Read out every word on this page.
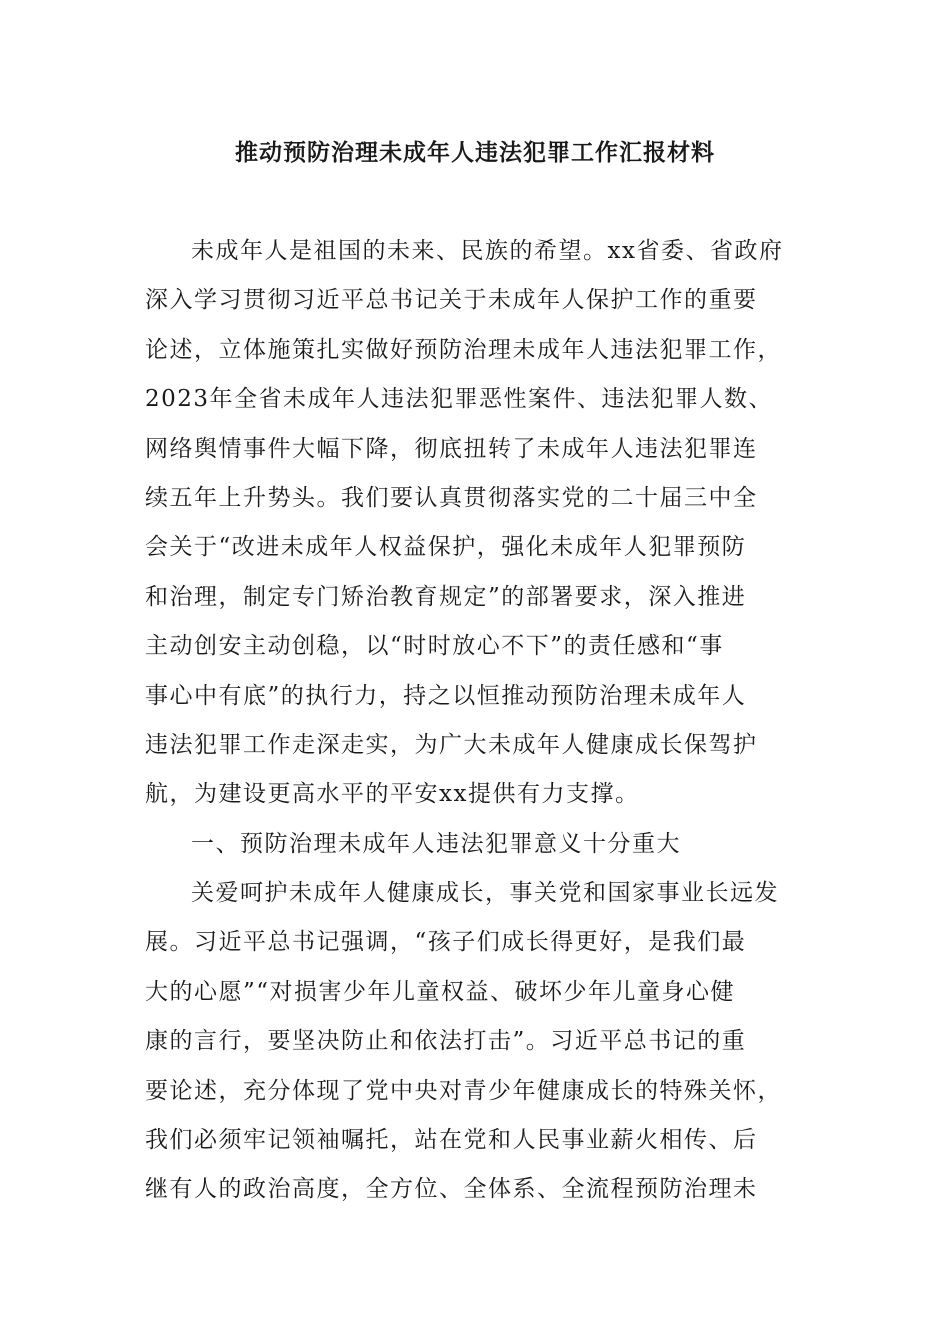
推动预防治理未成年人违法犯罪工作汇报材料
未成年人是祖国的未来、民族的希望。xx省委、省政府
深入学习贯彻习近平总书记关于未成年人保护工作的重要
论述，立体施策扎实做好预防治理未成年人违法犯罪工作，
2023年全省未成年人违法犯罪恶性案件、违法犯罪人数、
网络舆情事件大幅下降，彻底扭转了未成年人违法犯罪连
续五年上升势头。我们要认真贯彻落实党的二十届三中全
会关于“改进未成年人权益保护，强化未成年人犯罪预防
和治理，制定专门矫治教育规定”的部署要求，深入推进
主动创安主动创稳，以“时时放心不下”的责任感和“事
事心中有底”的执行力，持之以恒推动预防治理未成年人
违法犯罪工作走深走实，为广大未成年人健康成长保驾护
航，为建设更高水平的平安xx提供有力支撑。
一、预防治理未成年人违法犯罪意义十分重大
关爱呵护未成年人健康成长，事关党和国家事业长远发
展。习近平总书记强调，“孩子们成长得更好，是我们最
大的心愿”“对损害少年儿童权益、破坏少年儿童身心健
康的言行，要坚决防止和依法打击”。习近平总书记的重
要论述，充分体现了党中央对青少年健康成长的特殊关怀，
我们必须牢记领袖嘱托，站在党和人民事业薪火相传、后
继有人的政治高度，全方位、全体系、全流程预防治理未
